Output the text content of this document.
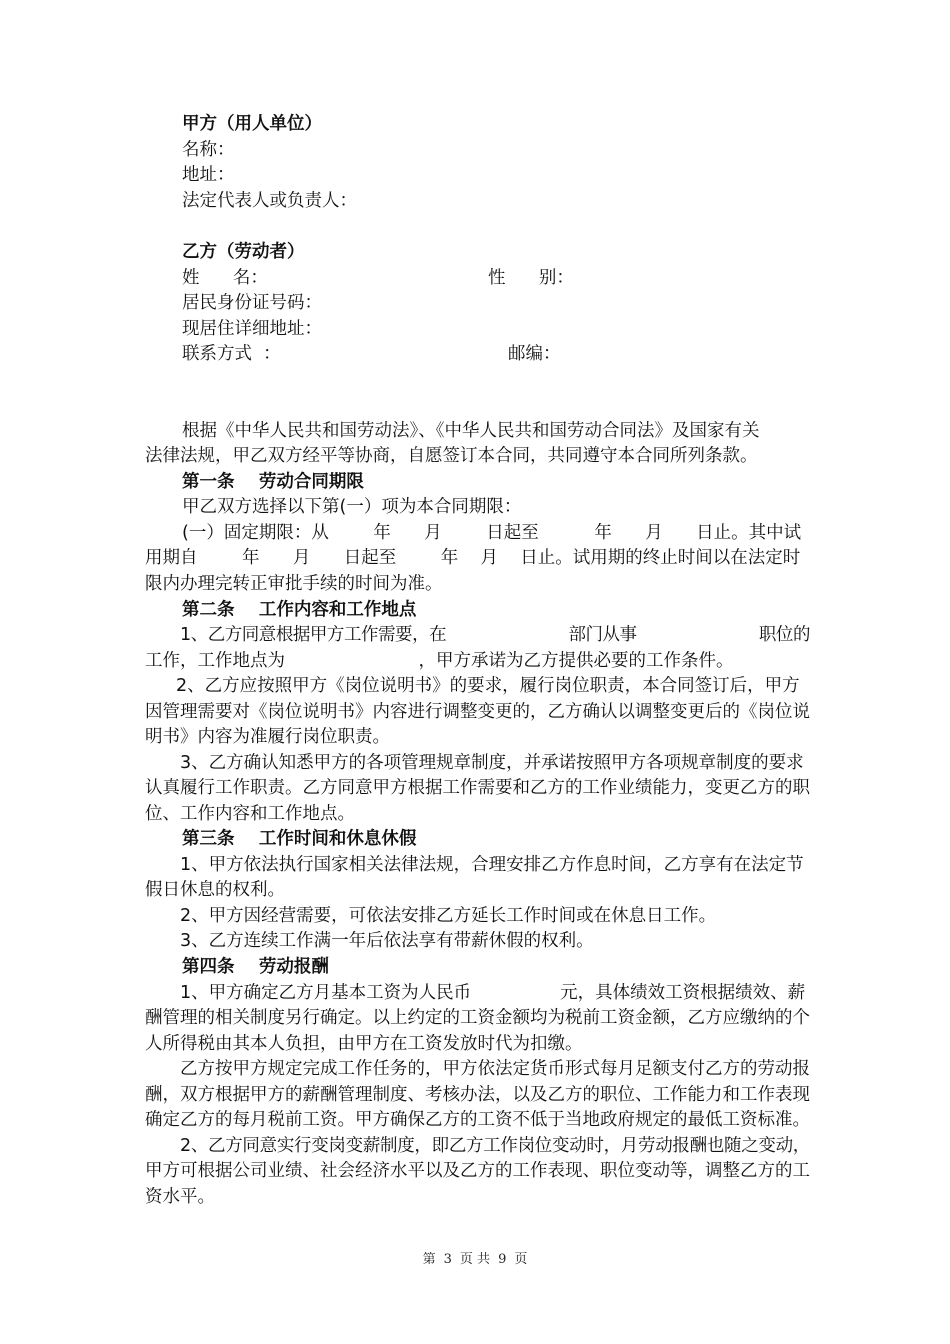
甲方（用人单位）
名称：
地址：
法定代表人或负责人：
乙方（劳动者）
姓      名：	性      别：
居民身份证号码：
现居住详细地址：
联系方式  ：	邮编：
根据《中华人民共和国劳动法》、《中华人民共和国劳动合同法》及国家有关
法律法规，甲乙双方经平等协商，自愿签订本合同，共同遵守本合同所列条款。
第一条    劳动合同期限
甲乙双方选择以下第(一）项为本合同期限：
(一）固定期限：从        年      月        日起至          年      月      日止。其中试
用期自        年      月      日起至        年    月    日止。试用期的终止时间以在法定时
限内办理完转正审批手续的时间为准。
第二条    工作内容和工作地点
1、乙方同意根据甲方工作需要，在                        部门从事                        职位的
工作，工作地点为                        ，甲方承诺为乙方提供必要的工作条件。
2、乙方应按照甲方《岗位说明书》的要求，履行岗位职责，本合同签订后，甲方
因管理需要对《岗位说明书》内容进行调整变更的，乙方确认以调整变更后的《岗位说
明书》内容为准履行岗位职责。
3、乙方确认知悉甲方的各项管理规章制度，并承诺按照甲方各项规章制度的要求
认真履行工作职责。乙方同意甲方根据工作需要和乙方的工作业绩能力，变更乙方的职
位、工作内容和工作地点。
第三条    工作时间和休息休假
1、甲方依法执行国家相关法律法规，合理安排乙方作息时间，乙方享有在法定节
假日休息的权利。
2、甲方因经营需要，可依法安排乙方延长工作时间或在休息日工作。
3、乙方连续工作满一年后依法享有带薪休假的权利。
第四条    劳动报酬
1、甲方确定乙方月基本工资为人民币                元，具体绩效工资根据绩效、薪
酬管理的相关制度另行确定。以上约定的工资金额均为税前工资金额，乙方应缴纳的个
人所得税由其本人负担，由甲方在工资发放时代为扣缴。
乙方按甲方规定完成工作任务的，甲方依法定货币形式每月足额支付乙方的劳动报
酬，双方根据甲方的薪酬管理制度、考核办法，以及乙方的职位、工作能力和工作表现
确定乙方的每月税前工资。甲方确保乙方的工资不低于当地政府规定的最低工资标准。
2、乙方同意实行变岗变薪制度，即乙方工作岗位变动时，月劳动报酬也随之变动，
甲方可根据公司业绩、社会经济水平以及乙方的工作表现、职位变动等，调整乙方的工
资水平。
第 3 页 共 9 页
